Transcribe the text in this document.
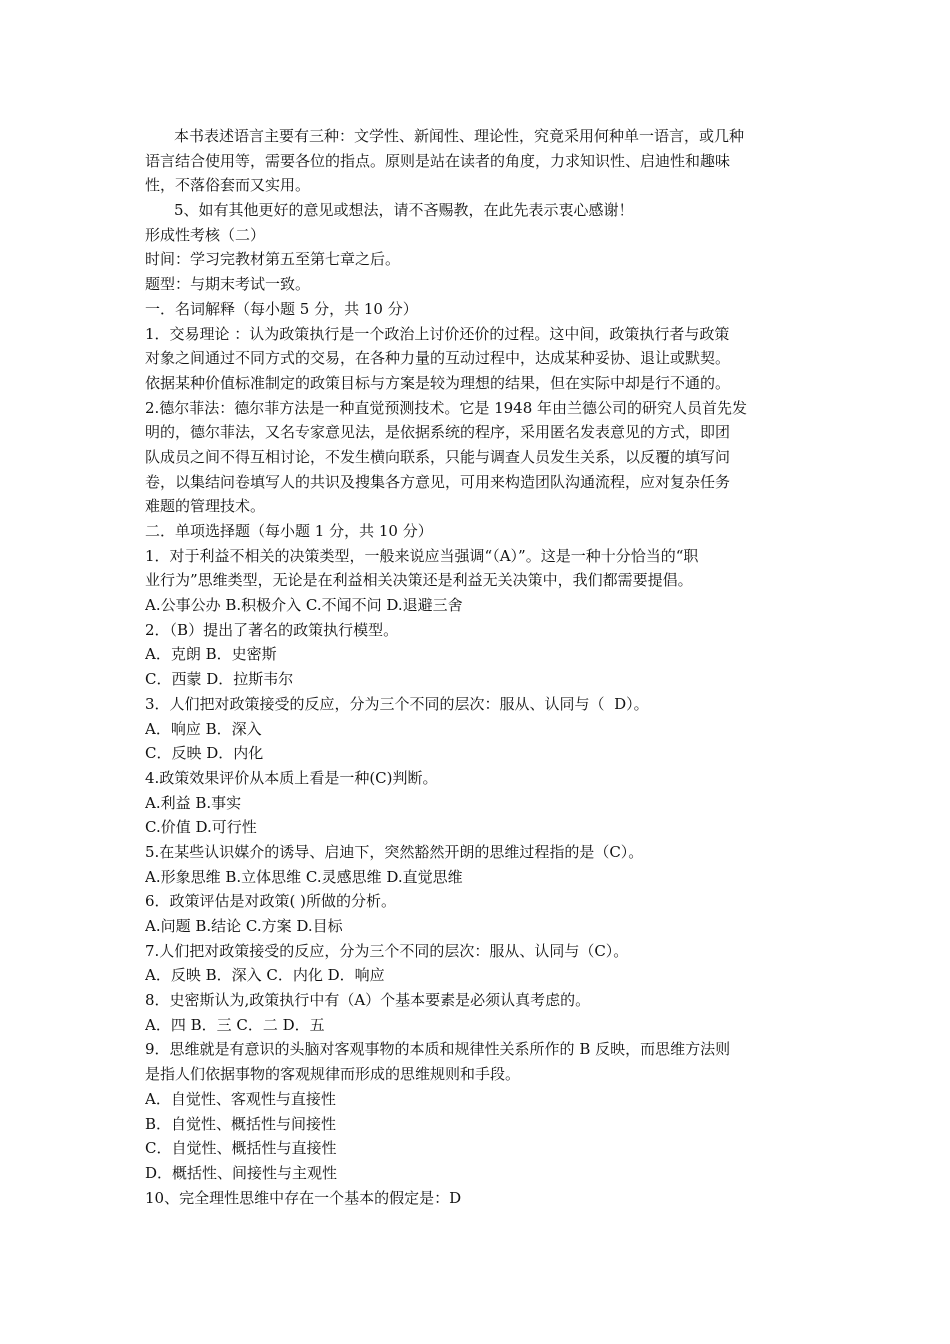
本书表述语言主要有三种：文学性、新闻性、理论性，究竟采用何种单一语言，或几种
语言结合使用等，需要各位的指点。原则是站在读者的角度，力求知识性、启迪性和趣味
性，不落俗套而又实用。
5、如有其他更好的意见或想法，请不吝赐教，在此先表示衷心感谢！
形成性考核（二）
时间：学习完教材第五至第七章之后。
题型：与期末考试一致。
一．名词解释（每小题 5 分，共 10 分）
1．交易理论 ：认为政策执行是一个政治上讨价还价的过程。这中间，政策执行者与政策
对象之间通过不同方式的交易，在各种力量的互动过程中，达成某种妥协、退让或默契。
依据某种价值标准制定的政策目标与方案是较为理想的结果，但在实际中却是行不通的。
2.德尔菲法：德尔菲方法是一种直觉预测技术。它是 1948 年由兰德公司的研究人员首先发
明的，德尔菲法，又名专家意见法，是依据系统的程序，采用匿名发表意见的方式，即团
队成员之间不得互相讨论，不发生横向联系，只能与调查人员发生关系，以反覆的填写问
卷，以集结问卷填写人的共识及搜集各方意见，可用来构造团队沟通流程，应对复杂任务
难题的管理技术。
二．单项选择题（每小题 1 分，共 10 分）
1．对于利益不相关的决策类型，一般来说应当强调“（A）”。这是一种十分恰当的“职
业行为”思维类型，无论是在利益相关决策还是利益无关决策中，我们都需要提倡。
A.公事公办 B.积极介入 C.不闻不问 D.退避三舍
2．（B）提出了著名的政策执行模型。
A．克朗 B．史密斯
C．西蒙 D．拉斯韦尔
3．人们把对政策接受的反应，分为三个不同的层次：服从、认同与（  D）。
A．响应 B．深入
C．反映 D．内化
4.政策效果评价从本质上看是一种(C)判断。
A.利益 B.事实
C.价值 D.可行性
5.在某些认识媒介的诱导、启迪下，突然豁然开朗的思维过程指的是（C）。
A.形象思维 B.立体思维 C.灵感思维 D.直觉思维
6．政策评估是对政策( )所做的分析。
A.问题 B.结论 C.方案 D.目标
7.人们把对政策接受的反应，分为三个不同的层次：服从、认同与（C）。
A．反映 B．深入 C．内化 D．响应
8．史密斯认为,政策执行中有（A）个基本要素是必须认真考虑的。
A．四 B．三 C．二 D．五
9．思维就是有意识的头脑对客观事物的本质和规律性关系所作的 B 反映，而思维方法则
是指人们依据事物的客观规律而形成的思维规则和手段。
A．自觉性、客观性与直接性
B．自觉性、概括性与间接性
C．自觉性、概括性与直接性
D．概括性、间接性与主观性
10、完全理性思维中存在一个基本的假定是：D
